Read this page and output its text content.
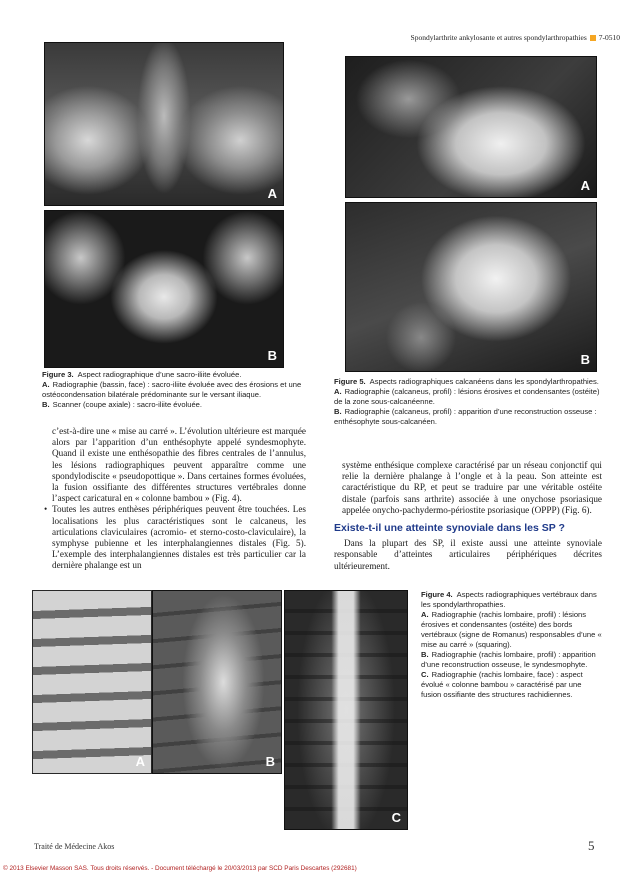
Spondylarthrite ankylosante et autres spondylarthropathies 7-0510
A
B
A
B
Figure 3. Aspect radiographique d’une sacro-iliite évoluée.
A. Radiographie (bassin, face) : sacro-iliite évoluée avec des érosions et une ostéocondensation bilatérale prédominante sur le versant iliaque.
B. Scanner (coupe axiale) : sacro-iliite évoluée.
Figure 5. Aspects radiographiques calcanéens dans les spondylarthropathies.
A. Radiographie (calcaneus, profil) : lésions érosives et condensantes (ostéite) de la zone sous-calcanéenne.
B. Radiographie (calcaneus, profil) : apparition d’une reconstruction osseuse : enthésophyte sous-calcanéen.

c’est-à-dire une « mise au carré ». L’évolution ultérieure est marquée alors par l’apparition d’un enthésophyte appelé syndesmophyte. Quand il existe une enthésopathie des fibres centrales de l’annulus, les lésions radiographiques peuvent apparaître comme une spondylodiscite « pseudopottique ». Dans certaines formes évoluées, la fusion ossifiante des différentes structures vertébrales donne l’aspect caricatural en « colonne bambou » (Fig. 4).

• Toutes les autres enthèses périphériques peuvent être touchées. Les localisations les plus caractéristiques sont le calcaneus, les articulations claviculaires (acromio- et sterno-costo-claviculaire), la symphyse pubienne et les interphalangiennes distales (Fig. 5). L’exemple des interphalangiennes distales est très particulier car la dernière phalange est un

système enthésique complexe caractérisé par un réseau conjonctif qui relie la dernière phalange à l’ongle et à la peau. Son atteinte est caractéristique du RP, et peut se traduire par une véritable ostéite distale (parfois sans arthrite) associée à une onychose psoriasique appelée onycho-pachydermo-périostite psoriasique (OPPP) (Fig. 6).

Existe-t-il une atteinte synoviale dans les SP ?

Dans la plupart des SP, il existe aussi une atteinte synoviale responsable d’atteintes articulaires périphériques décrites ultérieurement.

A	B
C
Figure 4. Aspects radiographiques vertébraux dans les spondylarthropathies.
A. Radiographie (rachis lombaire, profil) : lésions érosives et condensantes (ostéite) des bords vertébraux (signe de Romanus) responsables d’une « mise au carré » (squaring).
B. Radiographie (rachis lombaire, profil) : apparition d’une reconstruction osseuse, le syndesmophyte.
C. Radiographie (rachis lombaire, face) : aspect évolué « colonne bambou » caractérisé par une fusion ossifiante des structures rachidiennes.
Traité de Médecine Akos	5
© 2013 Elsevier Masson SAS. Tous droits réservés. - Document téléchargé le 20/03/2013 par SCD Paris Descartes (292681)
